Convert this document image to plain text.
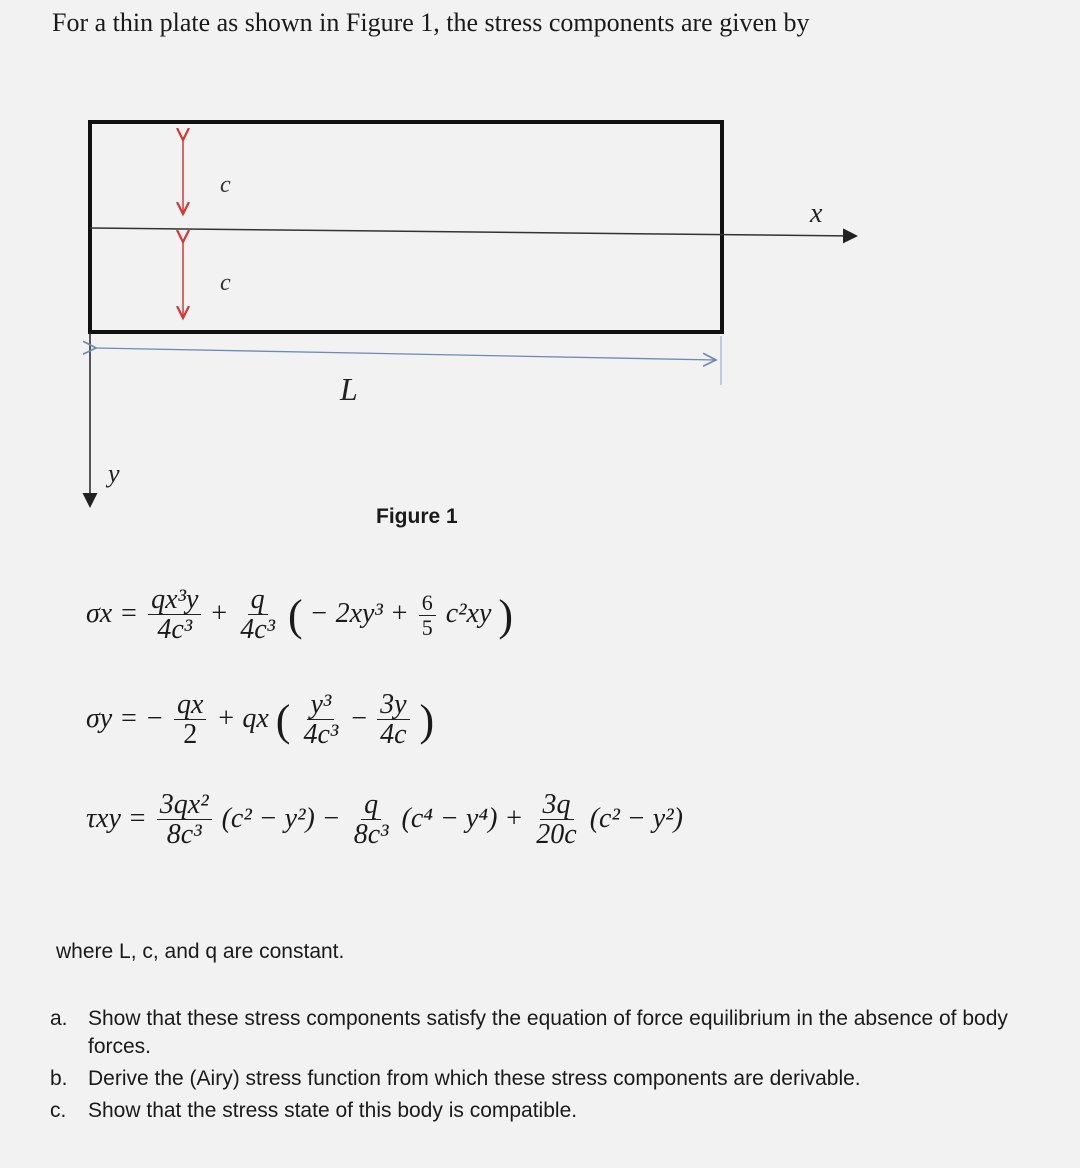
For a thin plate as shown in Figure 1, the stress components are given by
c
c
x
y
L
Figure 1
$\sigma x = \frac{\text{qx³y}}{\text{4c³}} + \frac{q}{\text{4c³}}$ ( − $2xy^3 + \frac{6}{5} c^2xy$ )
σy = − $\frac{qx}{2}$ + qx ( $\frac{\text{y³}}{\text{4c³}} - \frac{3y}{4c}$ )
$\tau xy = \frac{\text{3qx²}}{\text{8c³}} (c^2 - y^2) - \frac{q}{\text{8c³}} (c^4 - y^4) + \frac{3q}{20c} (c^2 - y^2)$
where L, c, and q are constant.
a. Show that these stress components satisfy the equation of force equilibrium in the absence of body forces.
b. Derive the (Airy) stress function from which these stress components are derivable.
c.	Show that the stress state of this body is compatible.
